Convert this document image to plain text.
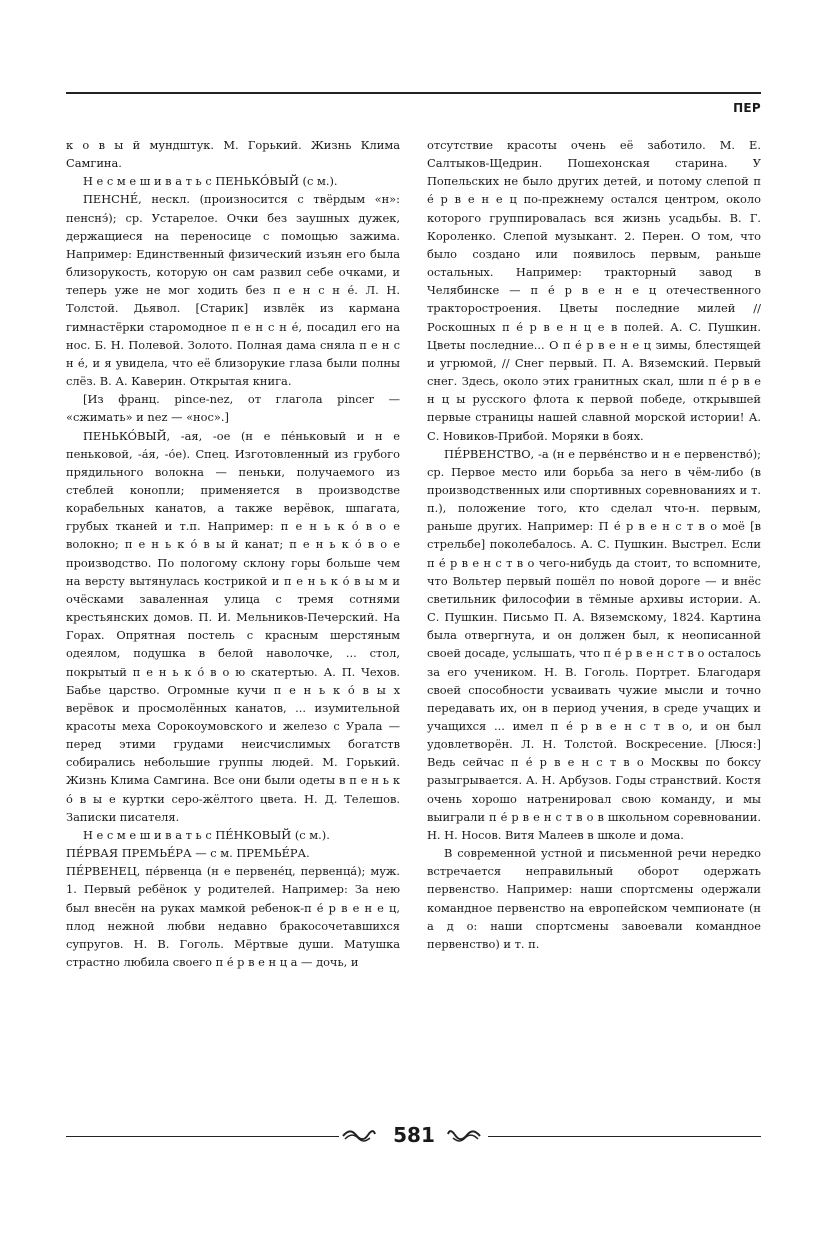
ПЕР

к о в ы й мундштук. М. Горький. Жизнь Клима Самгина.

Н е с м е ш и в а т ь с ПЕНЬКО́ВЫЙ (с м.).

ПЕНСНЕ́, нескл. (произносится с твёрдым «н»: пенснэ́); ср. Устарелое. Очки без заушных дужек, держащиеся на переносице с помощью зажима. Например: Единственный физический изъян его была близорукость, которую он сам развил себе очками, и теперь уже не мог ходить без п е н с н е́. Л. Н. Толстой. Дьявол. [Старик] извлёк из кармана гимнастёрки старомодное п е н с н е́, посадил его на нос. Б. Н. Полевой. Золото. Полная дама сняла п е н с н е́, и я увидела, что её близорукие глаза были полны слёз. В. А. Каверин. Открытая книга.

[Из франц. pince-nez, от глагола pincer — «сжимать» и nez — «нос».]

ПЕНЬКО́ВЫЙ, -ая, -ое (н е пе́ньковый и н е пеньковой, -а́я, -о́е). Спец. Изготовленный из грубого прядильного волокна — пеньки, получаемого из стеблей конопли; применяется в производстве корабельных канатов, а также верёвок, шпагата, грубых тканей и т.п. Например: п е н ь к о́ в о е волокно; п е н ь к о́ в ы й канат; п е н ь к о́ в о е производство. По пологому склону горы больше чем на версту вытянулась кострикой и п е н ь к о́ в ы м и очёсками заваленная улица с тремя сотнями крестьянских домов. П. И. Мельников-Печерский. На Горах. Опрятная постель с красным шерстяным одеялом, подушка в белой наволочке, ... стол, покрытый п е н ь к о́ в о ю скатертью. А. П. Чехов. Бабье царство. Огромные кучи п е н ь к о́ в ы х верёвок и просмолённых канатов, ... изумительной красоты меха Сорокоумовского и железо с Урала — перед этими грудами неисчислимых богатств собирались небольшие группы людей. М. Горький. Жизнь Клима Самгина. Все они были одеты в п е н ь к о́ в ы е куртки серо-жёлтого цвета. Н. Д. Телешов. Записки писателя.

Н е с м е ш и в а т ь с ПЕ́НКОВЫЙ (с м.).

ПЕ́РВАЯ ПРЕМЬЕ́РА — с м. ПРЕМЬЕ́РА.

ПЕ́РВЕНЕЦ, пе́рвенца (н е первене́ц, первенца́); муж. 1. Первый ребёнок у родителей. Например: За нею был внесён на руках мамкой ребенок-п е́ р в е н е ц, плод нежной любви недавно бракосочетавшихся супругов. Н. В. Гоголь. Мёртвые души. Матушка страстно любила своего п е́ р в е н ц а — дочь, и

отсутствие красоты очень её заботило. М. Е. Салтыков-Щедрин. Пошехонская старина. У Попельских не было других детей, и потому слепой п е́ р в е н е ц по-прежнему остался центром, около которого группировалась вся жизнь усадьбы. В. Г. Короленко. Слепой музыкант. 2. Перен. О том, что было создано или появилось первым, раньше остальных. Например: тракторный завод в Челябинске — п е́ р в е н е ц отечественного тракторостроения. Цветы последние милей // Роскошных п е́ р в е н ц е в полей. А. С. Пушкин. Цветы последние... О п е́ р в е н е ц зимы, блестящей и угрюмой, // Снег первый. П. А. Вяземский. Первый снег. Здесь, около этих гранитных скал, шли п е́ р в е н ц ы русского флота к первой победе, открывшей первые страницы нашей славной морской истории! А. С. Новиков-Прибой. Моряки в боях.

ПЕ́РВЕНСТВО, -а (н е перве́нство и н е первенство́); ср. Первое место или борьба за него в чём-либо (в производственных или спортивных соревнованиях и т. п.), положение того, кто сделал что-н. первым, раньше других. Например: П е́ р в е н с т в о моё [в стрельбе] поколебалось. А. С. Пушкин. Выстрел. Если п е́ р в е н с т в о чего-нибудь да стоит, то вспомните, что Вольтер первый пошёл по новой дороге — и внёс светильник философии в тёмные архивы истории. А. С. Пушкин. Письмо П. А. Вяземскому, 1824. Картина была отвергнута, и он должен был, к неописанной своей досаде, услышать, что п е́ р в е н с т в о осталось за его учеником. Н. В. Гоголь. Портрет. Благодаря своей способности усваивать чужие мысли и точно передавать их, он в период учения, в среде учащих и учащихся ... имел п е́ р в е н с т в о, и он был удовлетворён. Л. Н. Толстой. Воскресение. [Люся:] Ведь сейчас п е́ р в е н с т в о Москвы по боксу разыгрывается. А. Н. Арбузов. Годы странствий. Костя очень хорошо натренировал свою команду, и мы выиграли п е́ р в е н с т в о в школьном соревновании. Н. Н. Носов. Витя Малеев в школе и дома.

В современной устной и письменной речи нередко встречается неправильный оборот одержать первенство. Например: наши спортсмены одержали командное первенство на европейском чемпионате (н а д о: наши спортсмены завоевали командное первенство) и т. п.

581
